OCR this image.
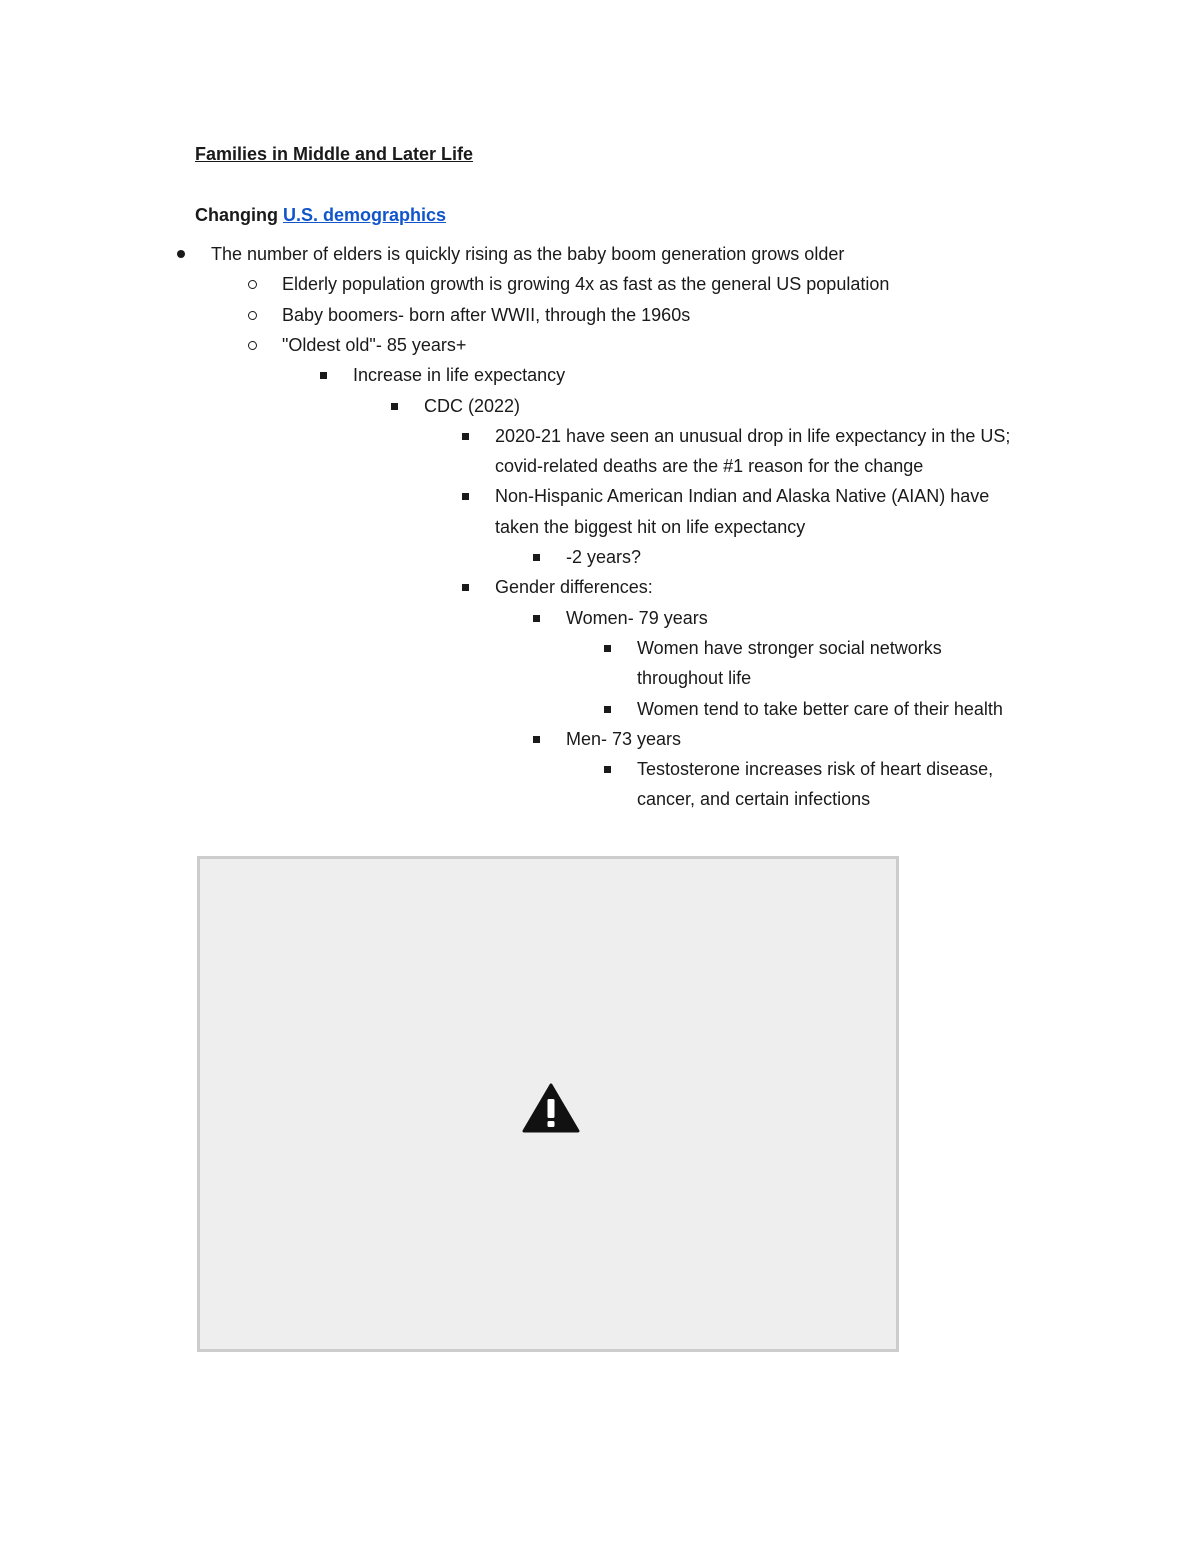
Families in Middle and Later Life
Changing U.S. demographics
The number of elders is quickly rising as the baby boom generation grows older
Elderly population growth is growing 4x as fast as the general US population
Baby boomers- born after WWII, through the 1960s
"Oldest old"- 85 years+
Increase in life expectancy
CDC (2022)
2020-21 have seen an unusual drop in life expectancy in the US;
covid-related deaths are the #1 reason for the change
Non-Hispanic American Indian and Alaska Native (AIAN) have
taken the biggest hit on life expectancy
-2 years?
Gender differences:
Women- 79 years
Women have stronger social networks
throughout life
Women tend to take better care of their health
Men- 73 years
Testosterone increases risk of heart disease,
cancer, and certain infections
